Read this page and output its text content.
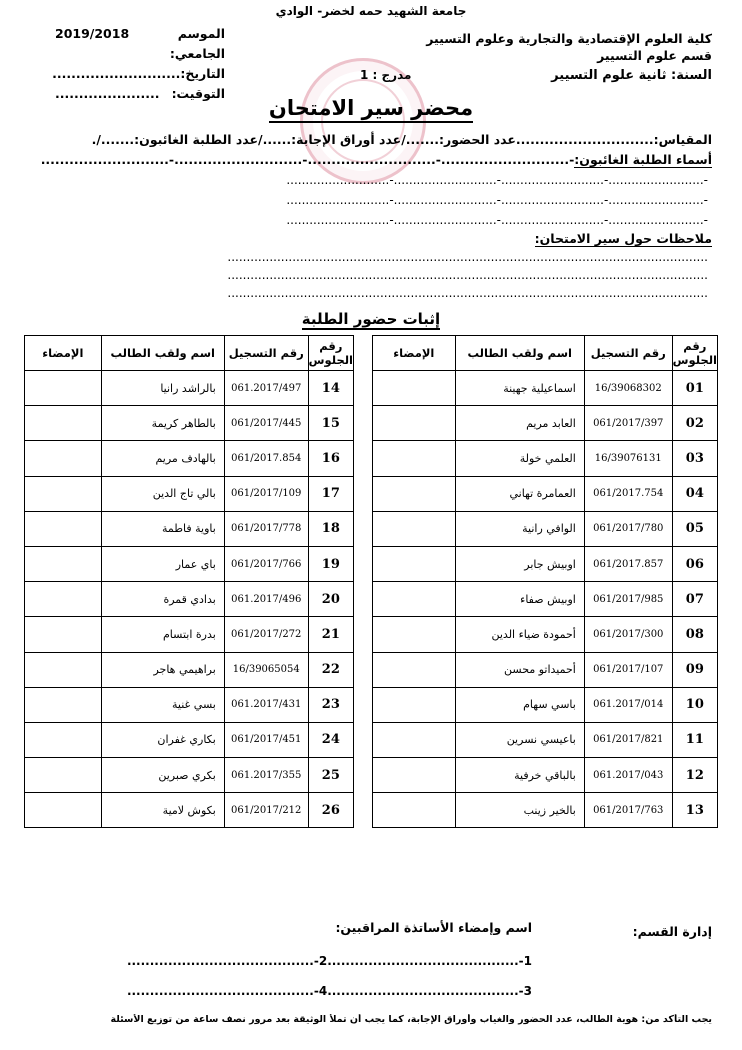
جامعة الشهيد حمه لخضر- الوادي
كلية العلوم الإقتصادية والتجارية وعلوم التسيير
قسم علوم التسيير
السنة: ثانية علوم التسيير
الموسم الجامعي:
2019/2018
التاريخ:
...........................
التوقيت:
......................
مدرج : 1
محضر سير الامتحان
المقياس:.............................عدد الحضور:......./عدد أوراق الإجابة:....../عدد الطلبة الغائبون:......./.
أسماء الطلبة الغائبون:-...........................-...........................-...........................-...........................
-.........................-...........................-...........................-...........................
-.........................-...........................-...........................-...........................
-.........................-...........................-...........................-...........................
ملاحظات حول سير الامتحان:
..............................................................................................................................
..............................................................................................................................
..............................................................................................................................
إثبات حضور الطلبة
رقم الجلوس	رقم التسجيل	اسم ولقب الطالب	الإمضاء
01	16/39068302	اسماعيلية جهينة	
02	061/2017/397	العابد مريم	
03	16/39076131	العلمي خولة	
04	061/2017.754	العمامرة تهاني	
05	061/2017/780	الوافي رانية	
06	061/2017.857	اوبيش جابر	
07	061/2017/985	اوبيش صفاء	
08	061/2017/300	أحمودة ضياء الدين	
09	061/2017/107	أحميداتو محسن	
10	061.2017/014	باسي سهام	
11	061/2017/821	باعيسي نسرين	
12	061.2017/043	بالباقي خرفية	
13	061/2017/763	بالخير زينب	
رقم الجلوس	رقم التسجيل	اسم ولقب الطالب	الإمضاء
14	061.2017/497	بالراشد رانيا	
15	061/2017/445	بالطاهر كريمة	
16	061/2017.854	بالهادف مريم	
17	061/2017/109	بالي تاج الدين	
18	061/2017/778	باوية فاطمة	
19	061/2017/766	باي عمار	
20	061.2017/496	بدادي قمرة	
21	061/2017/272	بدرة ابتسام	
22	16/39065054	براهيمي هاجر	
23	061.2017/431	بسي غنية	
24	061/2017/451	بكاري غفران	
25	061.2017/355	بكري صبرين	
26	061/2017/212	بكوش لامية	
إدارة القسم:
اسم وإمضاء الأساتذة المراقبين:
1-..........................................2-.........................................
3-..........................................4-.........................................
يجب التأكد من: هوية الطالب، عدد الحضور والغياب وأوراق الإجابة، كما يجب أن تملأ الوثيقة بعد مرور نصف ساعة من توزيع الأسئلة
